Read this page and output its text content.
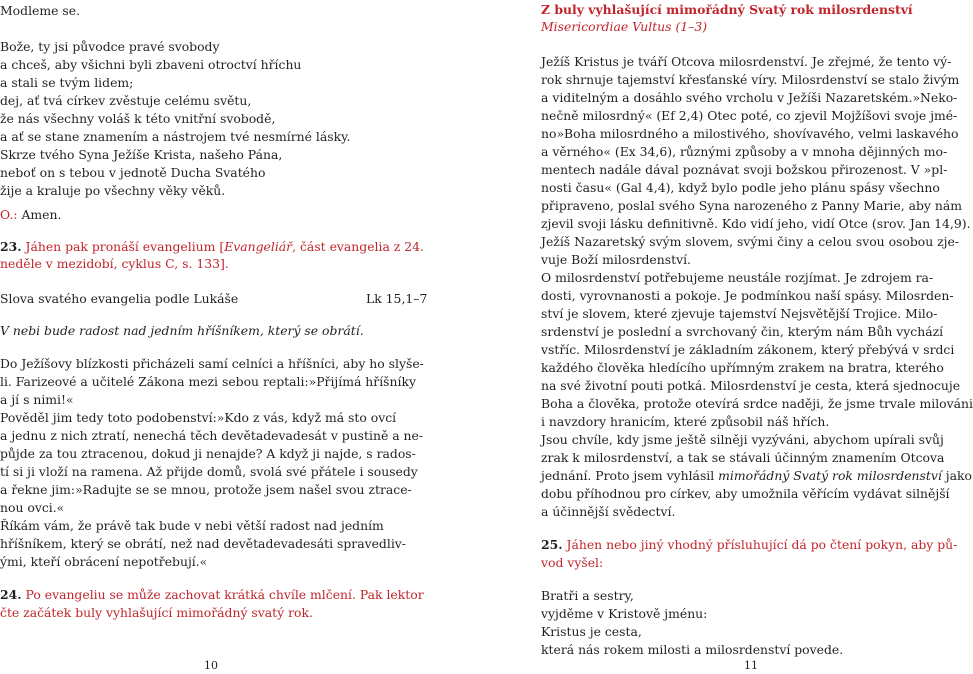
Modleme se.
Bože, ty jsi původce pravé svobody
a chceš, aby všichni byli zbaveni otroctví hříchu
a stali se tvým lidem;
dej, ať tvá církev zvěstuje celému světu,
že nás všechny voláš k této vnitřní svobodě,
a ať se stane znamením a nástrojem tvé nesmírné lásky.
Skrze tvého Syna Ježíše Krista, našeho Pána,
neboť on s tebou v jednotě Ducha Svatého
žije a kraluje po všechny věky věků.
O.: Amen.
23. Jáhen pak pronáší evangelium [Evangeliář, část evangelia z 24.
neděle v mezidobí, cyklus C, s. 133].
Slova svatého evangelia podle Lukáše	Lk 15,1–7
V nebi bude radost nad jedním hříšníkem, který se obrátí.
Do Ježíšovy blízkosti přicházeli samí celníci a hříšníci, aby ho slyše-
li. Farizeové a učitelé Zákona mezi sebou reptali:»Přijímá hříšníky
a jí s nimi!«
Pověděl jim tedy toto podobenství:»Kdo z vás, když má sto ovcí
a jednu z nich ztratí, nenechá těch devětadevadesát v pustině a ne-
půjde za tou ztracenou, dokud ji nenajde? A když ji najde, s rados-
tí si ji vloží na ramena. Až přijde domů, svolá své přátele i sousedy
a řekne jim:»Radujte se se mnou, protože jsem našel svou ztrace-
nou ovci.«
Říkám vám, že právě tak bude v nebi větší radost nad jedním
hříšníkem, který se obrátí, než nad devětadevadesáti spravedliv-
ými, kteří obrácení nepotřebují.«
24. Po evangeliu se může zachovat krátká chvíle mlčení. Pak lektor
čte začátek buly vyhlašující mimořádný svatý rok.
10
Z buly vyhlašující mimořádný Svatý rok milosrdenství
Misericordiae Vultus (1–3)
Ježíš Kristus je tváří Otcova milosrdenství. Je zřejmé, že tento vý-
rok shrnuje tajemství křesťanské víry. Milosrdenství se stalo živým
a viditelným a dosáhlo svého vrcholu v Ježíši Nazaretském.»Neko-
nečně milosrdný« (Ef 2,4) Otec poté, co zjevil Mojžíšovi svoje jmé-
no»Boha milosrdného a milostivého, shovívavého, velmi laskavého
a věrného« (Ex 34,6), různými způsoby a v mnoha dějinných mo-
mentech nadále dával poznávat svoji božskou přirozenost. V »pl-
nosti času« (Gal 4,4), když bylo podle jeho plánu spásy všechno
připraveno, poslal svého Syna narozeného z Panny Marie, aby nám
zjevil svoji lásku definitivně. Kdo vidí jeho, vidí Otce (srov. Jan 14,9).
Ježíš Nazaretský svým slovem, svými činy a celou svou osobou zje-
vuje Boží milosrdenství.
O milosrdenství potřebujeme neustále rozjímat. Je zdrojem ra-
dosti, vyrovnanosti a pokoje. Je podmínkou naší spásy. Milosrden-
ství je slovem, které zjevuje tajemství Nejsvětější Trojice. Milo-
srdenství je poslední a svrchovaný čin, kterým nám Bůh vychází
vstříc. Milosrdenství je základním zákonem, který přebývá v srdci
každého člověka hledícího upřímným zrakem na bratra, kterého
na své životní pouti potká. Milosrdenství je cesta, která sjednocuje
Boha a člověka, protože otevírá srdce naději, že jsme trvale milováni
i navzdory hranicím, které způsobil náš hřích.
Jsou chvíle, kdy jsme ještě silněji vyzýváni, abychom upírali svůj
zrak k milosrdenství, a tak se stávali účinným znamením Otcova
jednání. Proto jsem vyhlásil mimořádný Svatý rok milosrdenství jako
dobu příhodnou pro církev, aby umožnila věřícím vydávat silnější
a účinnější svědectví.
25. Jáhen nebo jiný vhodný přísluhující dá po čtení pokyn, aby pů-
vod vyšel:
Bratři a sestry,
vyjděme v Kristově jménu:
Kristus je cesta,
která nás rokem milosti a milosrdenství povede.
11
